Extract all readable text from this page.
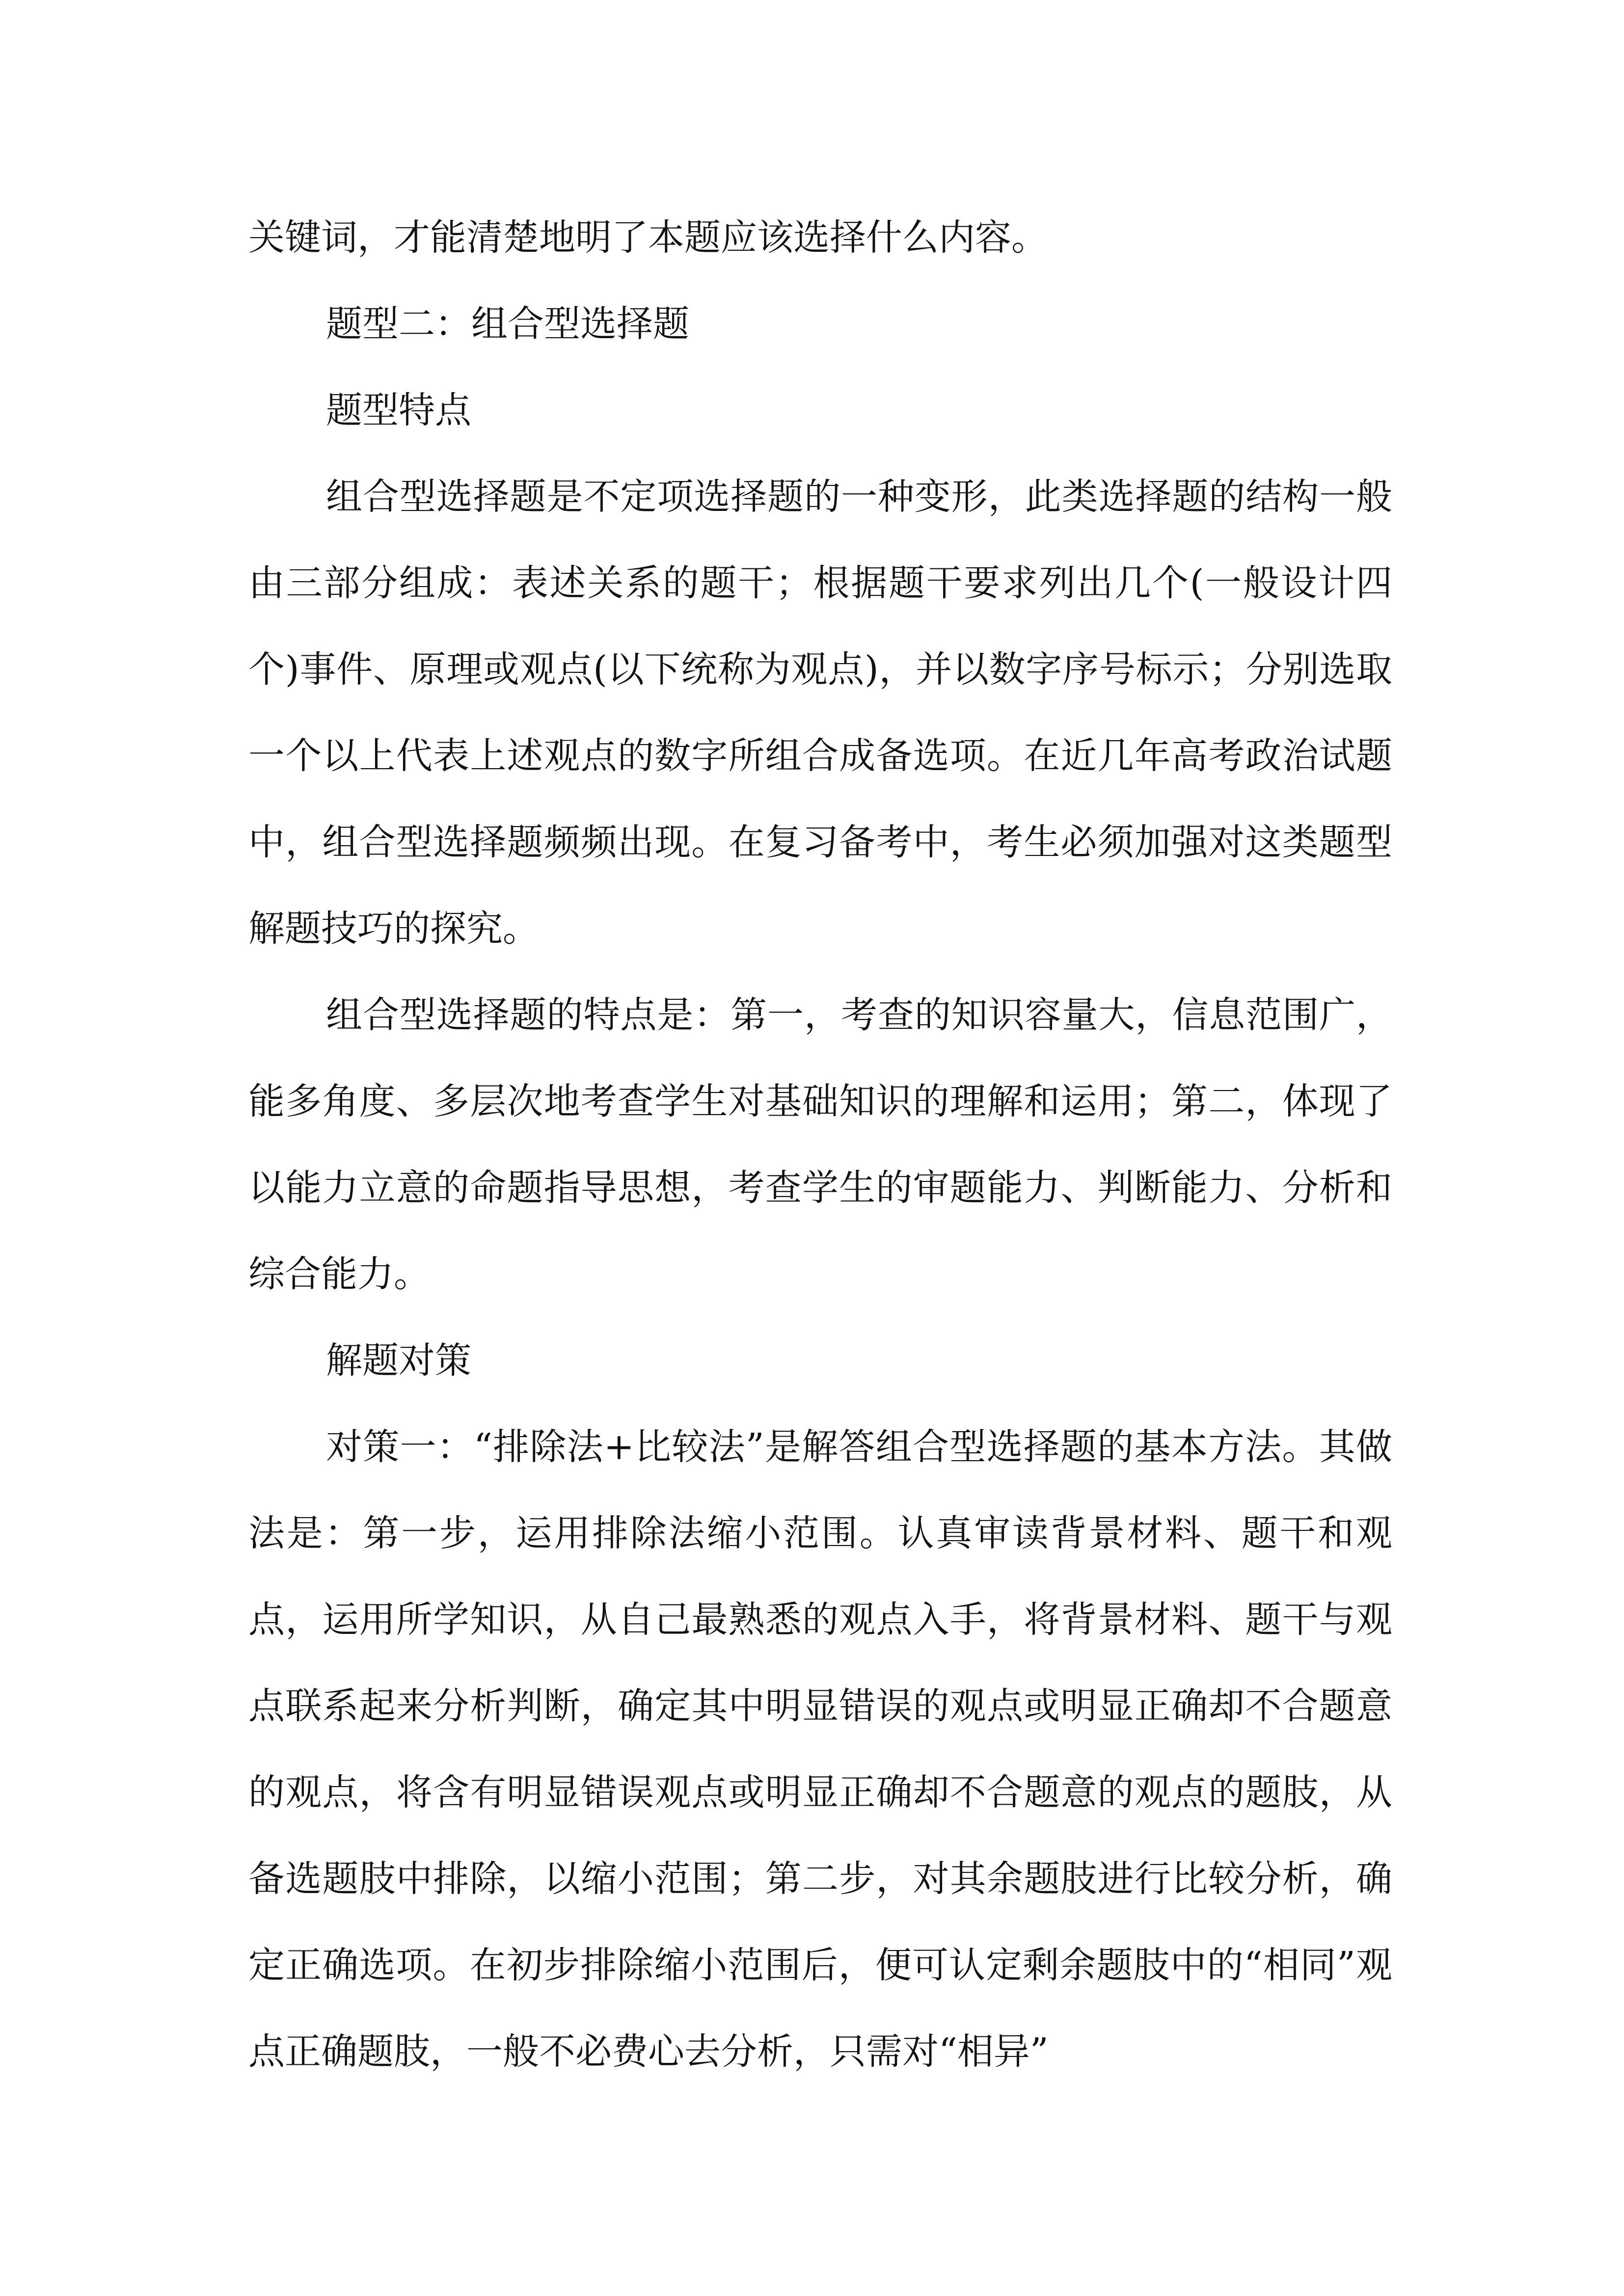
关键词，才能清楚地明了本题应该选择什么内容。

题型二：组合型选择题

题型特点

组合型选择题是不定项选择题的一种变形，此类选择题的结构一般由三部分组成：表述关系的题干；根据题干要求列出几个(一般设计四个)事件、原理或观点(以下统称为观点)，并以数字序号标示；分别选取一个以上代表上述观点的数字所组合成备选项。在近几年高考政治试题中，组合型选择题频频出现。在复习备考中，考生必须加强对这类题型解题技巧的探究。

组合型选择题的特点是：第一，考查的知识容量大，信息范围广，能多角度、多层次地考查学生对基础知识的理解和运用；第二，体现了以能力立意的命题指导思想，考查学生的审题能力、判断能力、分析和综合能力。

解题对策

对策一：“排除法+比较法”是解答组合型选择题的基本方法。其做法是：第一步，运用排除法缩小范围。认真审读背景材料、题干和观点，运用所学知识，从自己最熟悉的观点入手，将背景材料、题干与观点联系起来分析判断，确定其中明显错误的观点或明显正确却不合题意的观点，将含有明显错误观点或明显正确却不合题意的观点的题肢，从备选题肢中排除，以缩小范围；第二步，对其余题肢进行比较分析，确定正确选项。在初步排除缩小范围后，便可认定剩余题肢中的“相同”观点正确题肢，一般不必费心去分析，只需对“相异”
